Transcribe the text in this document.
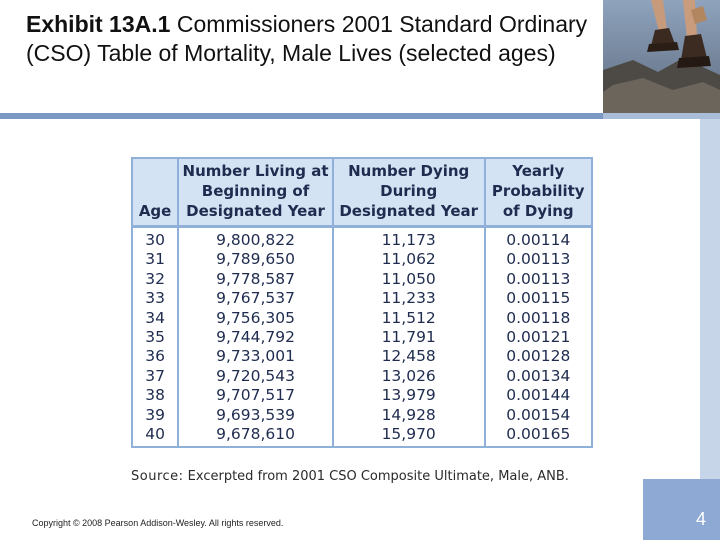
Exhibit 13A.1 Commissioners 2001 Standard Ordinary (CSO) Table of Mortality, Male Lives (selected ages)
Age	Number Living at Beginning of Designated Year	Number Dying During Designated Year	Yearly Probability of Dying
30	9,800,822	11,173	0.00114
31	9,789,650	11,062	0.00113
32	9,778,587	11,050	0.00113
33	9,767,537	11,233	0.00115
34	9,756,305	11,512	0.00118
35	9,744,792	11,791	0.00121
36	9,733,001	12,458	0.00128
37	9,720,543	13,026	0.00134
38	9,707,517	13,979	0.00144
39	9,693,539	14,928	0.00154
40	9,678,610	15,970	0.00165
Source: Excerpted from 2001 CSO Composite Ultimate, Male, ANB.
Copyright © 2008 Pearson Addison-Wesley. All rights reserved.	4
